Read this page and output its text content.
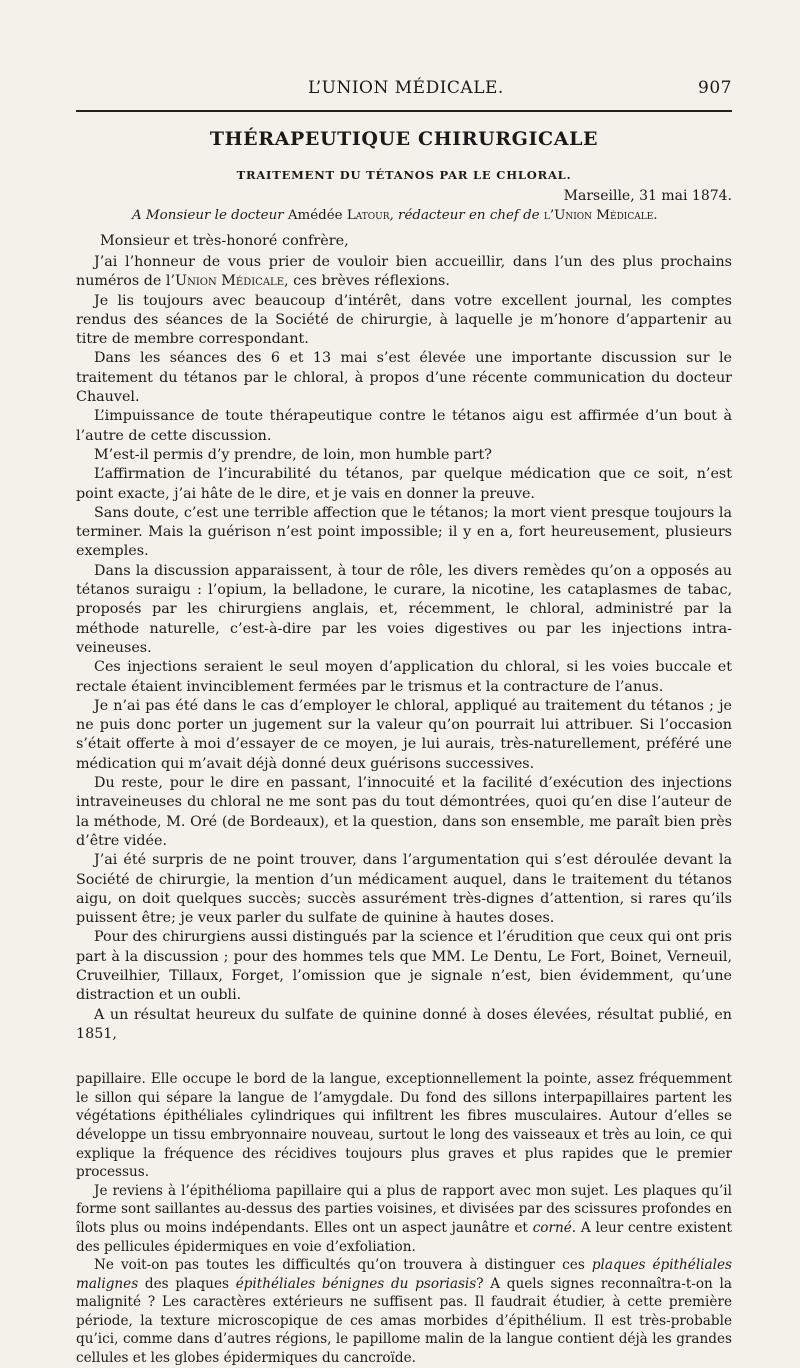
L’UNION MÉDICALE.	907
THÉRAPEUTIQUE CHIRURGICALE
TRAITEMENT DU TÉTANOS PAR LE CHLORAL.
Marseille, 31 mai 1874.
A Monsieur le docteur Amédée Latour, rédacteur en chef de l’Union Médicale.
Monsieur et très-honoré confrère,

J’ai l’honneur de vous prier de vouloir bien accueillir, dans l’un des plus prochains numéros de l’Union Médicale, ces brèves réflexions.

Je lis toujours avec beaucoup d’intérêt, dans votre excellent journal, les comptes rendus des séances de la Société de chirurgie, à laquelle je m’honore d’appartenir au titre de membre correspondant.

Dans les séances des 6 et 13 mai s’est élevée une importante discussion sur le traitement du tétanos par le chloral, à propos d’une récente communication du docteur Chauvel.

L’impuissance de toute thérapeutique contre le tétanos aigu est affirmée d’un bout à l’autre de cette discussion.

M’est-il permis d’y prendre, de loin, mon humble part?

L’affirmation de l’incurabilité du tétanos, par quelque médication que ce soit, n’est point exacte, j’ai hâte de le dire, et je vais en donner la preuve.

Sans doute, c’est une terrible affection que le tétanos; la mort vient presque toujours la terminer. Mais la guérison n’est point impossible; il y en a, fort heureusement, plusieurs exemples.

Dans la discussion apparaissent, à tour de rôle, les divers remèdes qu’on a opposés au tétanos suraigu : l’opium, la belladone, le curare, la nicotine, les cataplasmes de tabac, proposés par les chirurgiens anglais, et, récemment, le chloral, administré par la méthode naturelle, c’est-à-dire par les voies digestives ou par les injections intra-veineuses.

Ces injections seraient le seul moyen d’application du chloral, si les voies buccale et rectale étaient invinciblement fermées par le trismus et la contracture de l’anus.

Je n’ai pas été dans le cas d’employer le chloral, appliqué au traitement du tétanos ; je ne puis donc porter un jugement sur la valeur qu’on pourrait lui attribuer. Si l’occasion s’était offerte à moi d’essayer de ce moyen, je lui aurais, très-naturellement, préféré une médication qui m’avait déjà donné deux guérisons successives.

Du reste, pour le dire en passant, l’innocuité et la facilité d’exécution des injections intraveineuses du chloral ne me sont pas du tout démontrées, quoi qu’en dise l’auteur de la méthode, M. Oré (de Bordeaux), et la question, dans son ensemble, me paraît bien près d’être vidée.

J’ai été surpris de ne point trouver, dans l’argumentation qui s’est déroulée devant la Société de chirurgie, la mention d’un médicament auquel, dans le traitement du tétanos aigu, on doit quelques succès; succès assurément très-dignes d’attention, si rares qu’ils puissent être; je veux parler du sulfate de quinine à hautes doses.

Pour des chirurgiens aussi distingués par la science et l’érudition que ceux qui ont pris part à la discussion ; pour des hommes tels que MM. Le Dentu, Le Fort, Boinet, Verneuil, Cruveilhier, Tillaux, Forget, l’omission que je signale n’est, bien évidemment, qu’une distraction et un oubli.

A un résultat heureux du sulfate de quinine donné à doses élevées, résultat publié, en 1851,

papillaire. Elle occupe le bord de la langue, exceptionnellement la pointe, assez fréquemment le sillon qui sépare la langue de l’amygdale. Du fond des sillons interpapillaires partent les végétations épithéliales cylindriques qui infiltrent les fibres musculaires. Autour d’elles se développe un tissu embryonnaire nouveau, surtout le long des vaisseaux et très au loin, ce qui explique la fréquence des récidives toujours plus graves et plus rapides que le premier processus.

Je reviens à l’épithélioma papillaire qui a plus de rapport avec mon sujet. Les plaques qu’il forme sont saillantes au-dessus des parties voisines, et divisées par des scissures profondes en îlots plus ou moins indépendants. Elles ont un aspect jaunâtre et corné. A leur centre existent des pellicules épidermiques en voie d’exfoliation.

Ne voit-on pas toutes les difficultés qu’on trouvera à distinguer ces plaques épithéliales malignes des plaques épithéliales bénignes du psoriasis? A quels signes reconnaîtra-t-on la malignité ? Les caractères extérieurs ne suffisent pas. Il faudrait étudier, à cette première période, la texture microscopique de ces amas morbides d’épithélium. Il est très-probable qu’ici, comme dans d’autres régions, le papillome malin de la langue contient déjà les grandes cellules et les globes épidermiques du cancroïde.
